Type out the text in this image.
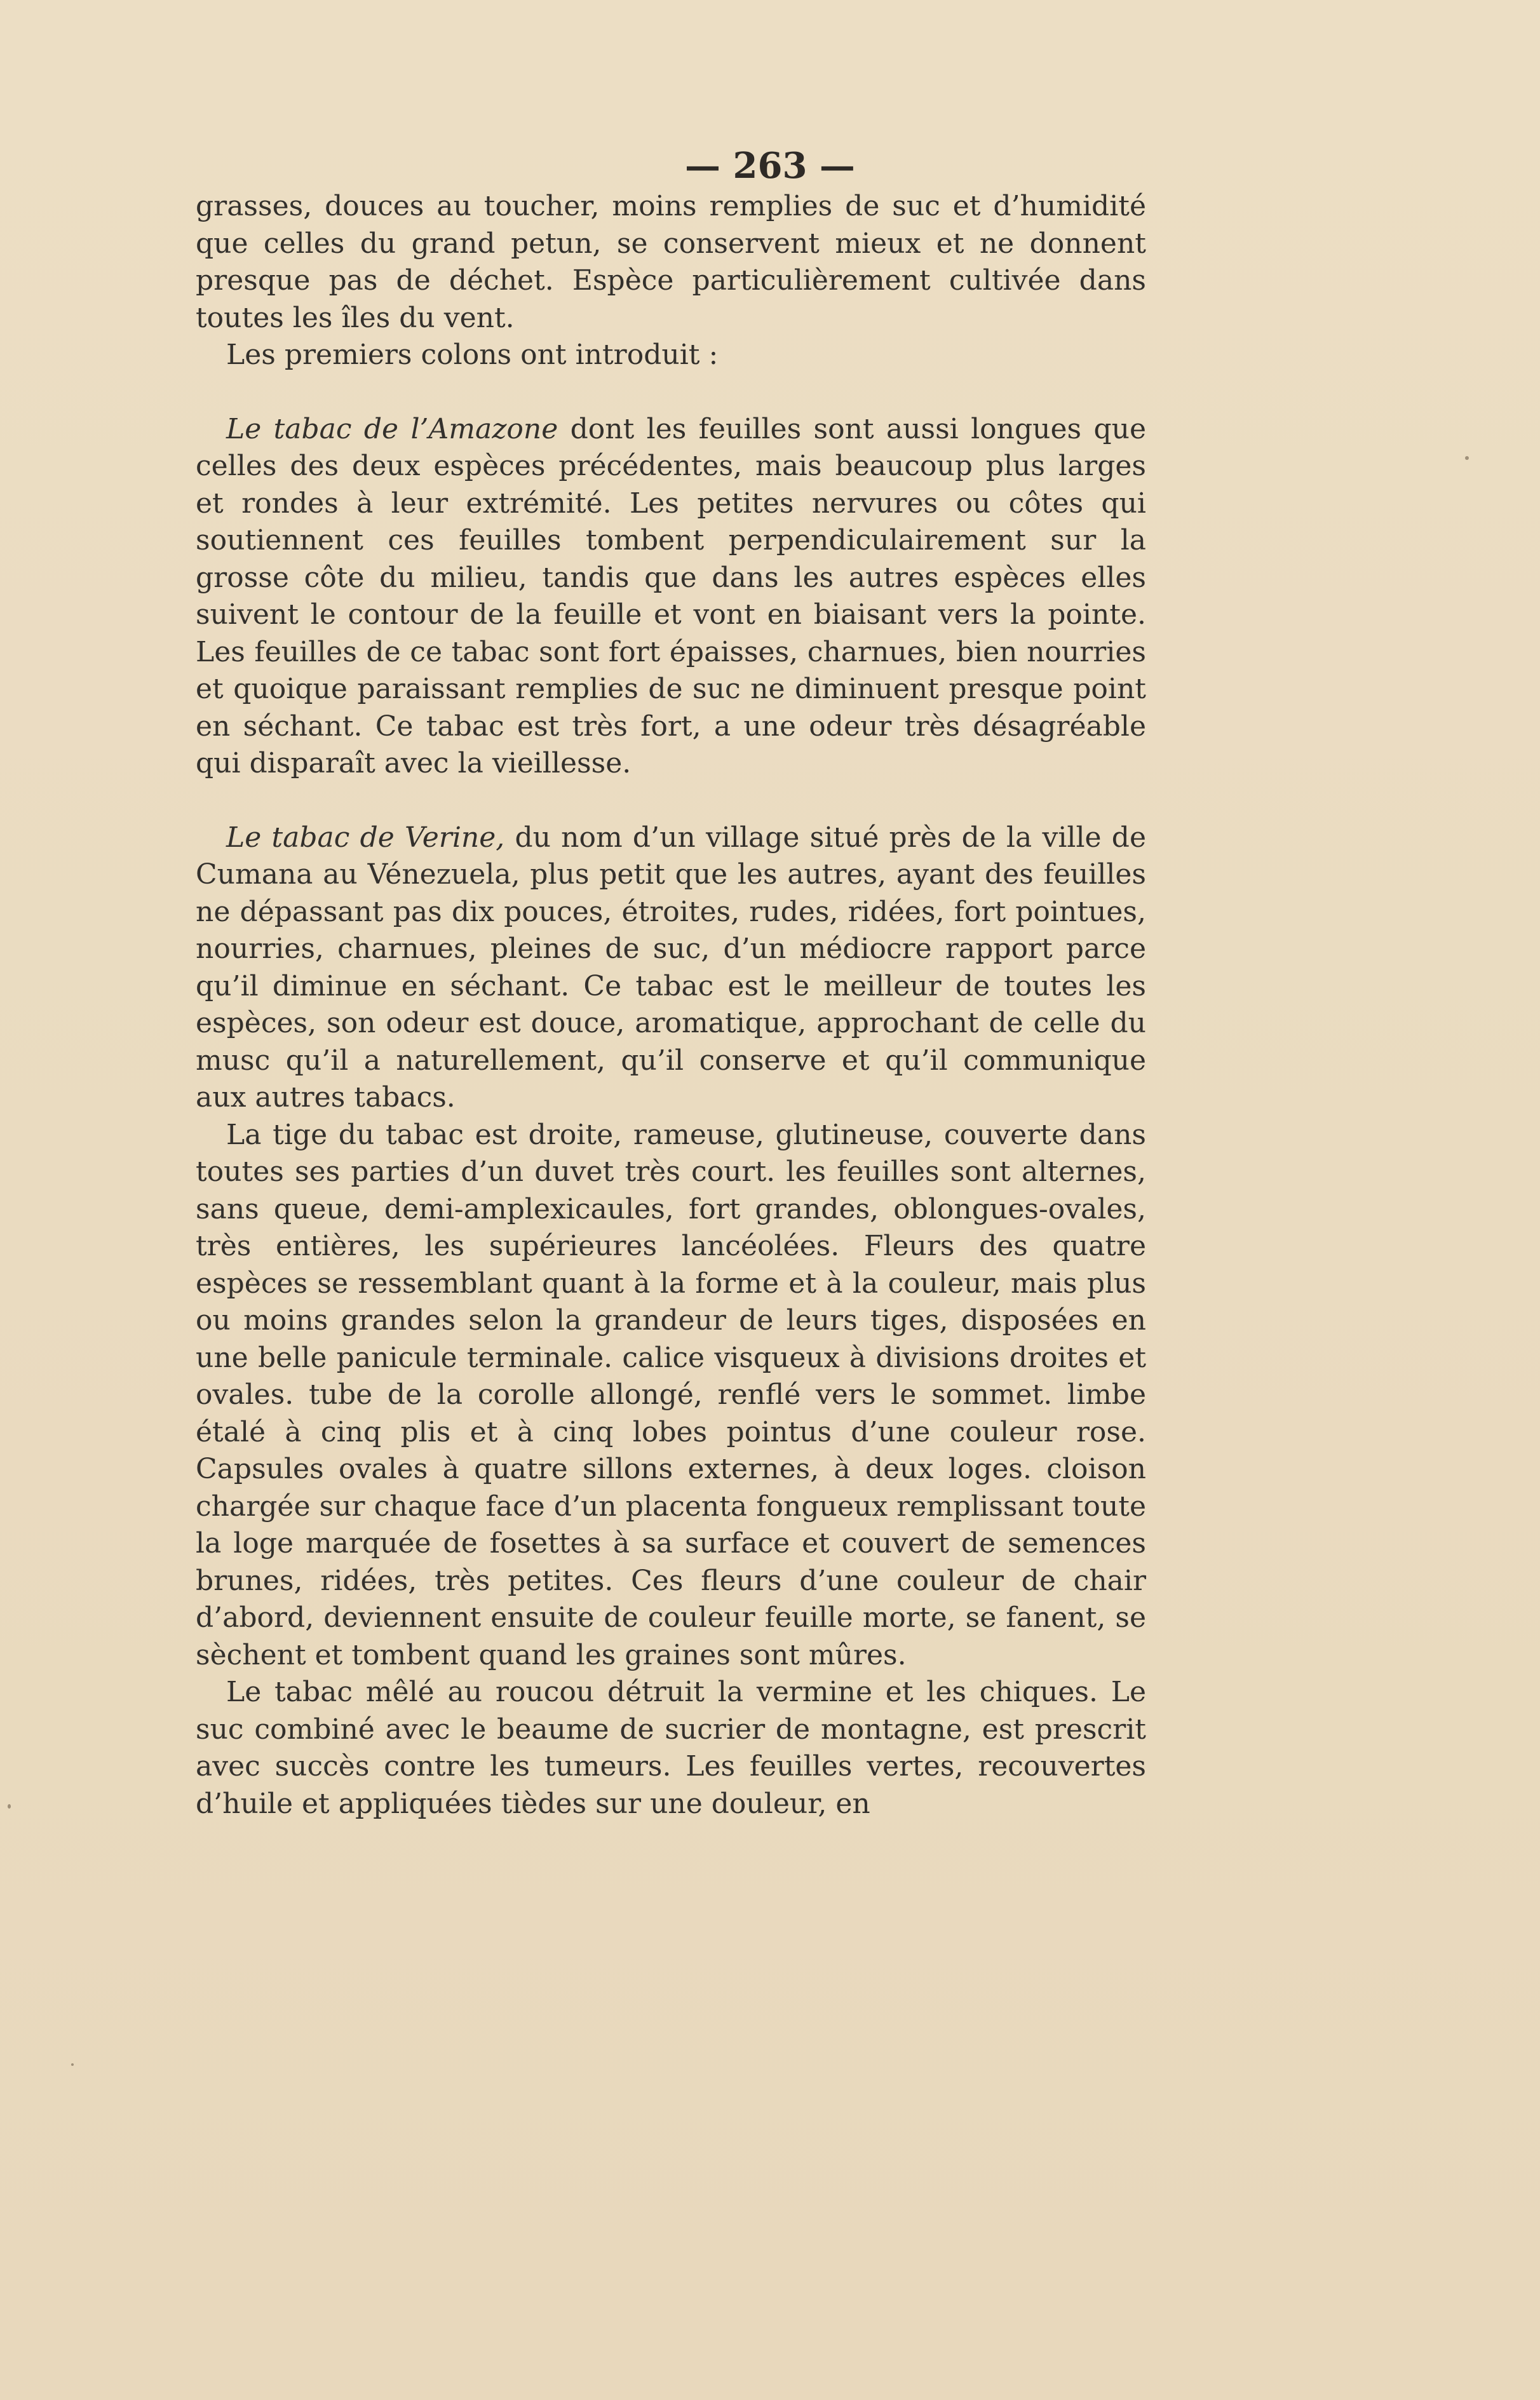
— 263 —

grasses, douces au toucher, moins remplies de suc et d’humidité que celles du grand petun, se conservent mieux et ne donnent presque pas de déchet. Espèce particulièrement cultivée dans toutes les îles du vent.

Les premiers colons ont introduit :

Le tabac de l’Amazone dont les feuilles sont aussi longues que celles des deux espèces précédentes, mais beaucoup plus larges et rondes à leur extrémité. Les petites nervures ou côtes qui soutiennent ces feuilles tombent perpendiculairement sur la grosse côte du milieu, tandis que dans les autres espèces elles suivent le contour de la feuille et vont en biaisant vers la pointe. Les feuilles de ce tabac sont fort épaisses, charnues, bien nourries et quoique paraissant remplies de suc ne diminuent presque point en séchant. Ce tabac est très fort, a une odeur très désagréable qui disparaît avec la vieillesse.

Le tabac de Verine, du nom d’un village situé près de la ville de Cumana au Vénezuela, plus petit que les autres, ayant des feuilles ne dépassant pas dix pouces, étroites, rudes, ridées, fort pointues, nourries, charnues, pleines de suc, d’un médiocre rapport parce qu’il diminue en séchant. Ce tabac est le meilleur de toutes les espèces, son odeur est douce, aromatique, approchant de celle du musc qu’il a naturellement, qu’il conserve et qu’il communique aux autres tabacs.

La tige du tabac est droite, rameuse, glutineuse, couverte dans toutes ses parties d’un duvet très court. les feuilles sont alternes, sans queue, demi-amplexicaules, fort grandes, oblongues-ovales, très entières, les supérieures lancéolées. Fleurs des quatre espèces se ressemblant quant à la forme et à la couleur, mais plus ou moins grandes selon la grandeur de leurs tiges, disposées en une belle panicule terminale. calice visqueux à divisions droites et ovales. tube de la corolle allongé, renflé vers le sommet. limbe étalé à cinq plis et à cinq lobes pointus d’une couleur rose. Capsules ovales à quatre sillons externes, à deux loges. cloison chargée sur chaque face d’un placenta fongueux remplissant toute la loge marquée de fosettes à sa surface et couvert de semences brunes, ridées, très petites. Ces fleurs d’une couleur de chair d’abord, deviennent ensuite de couleur feuille morte, se fanent, se sèchent et tombent quand les graines sont mûres.

Le tabac mêlé au roucou détruit la vermine et les chiques. Le suc combiné avec le beaume de sucrier de montagne, est prescrit avec succès contre les tumeurs. Les feuilles vertes, recouvertes d’huile et appliquées tièdes sur une douleur, en
